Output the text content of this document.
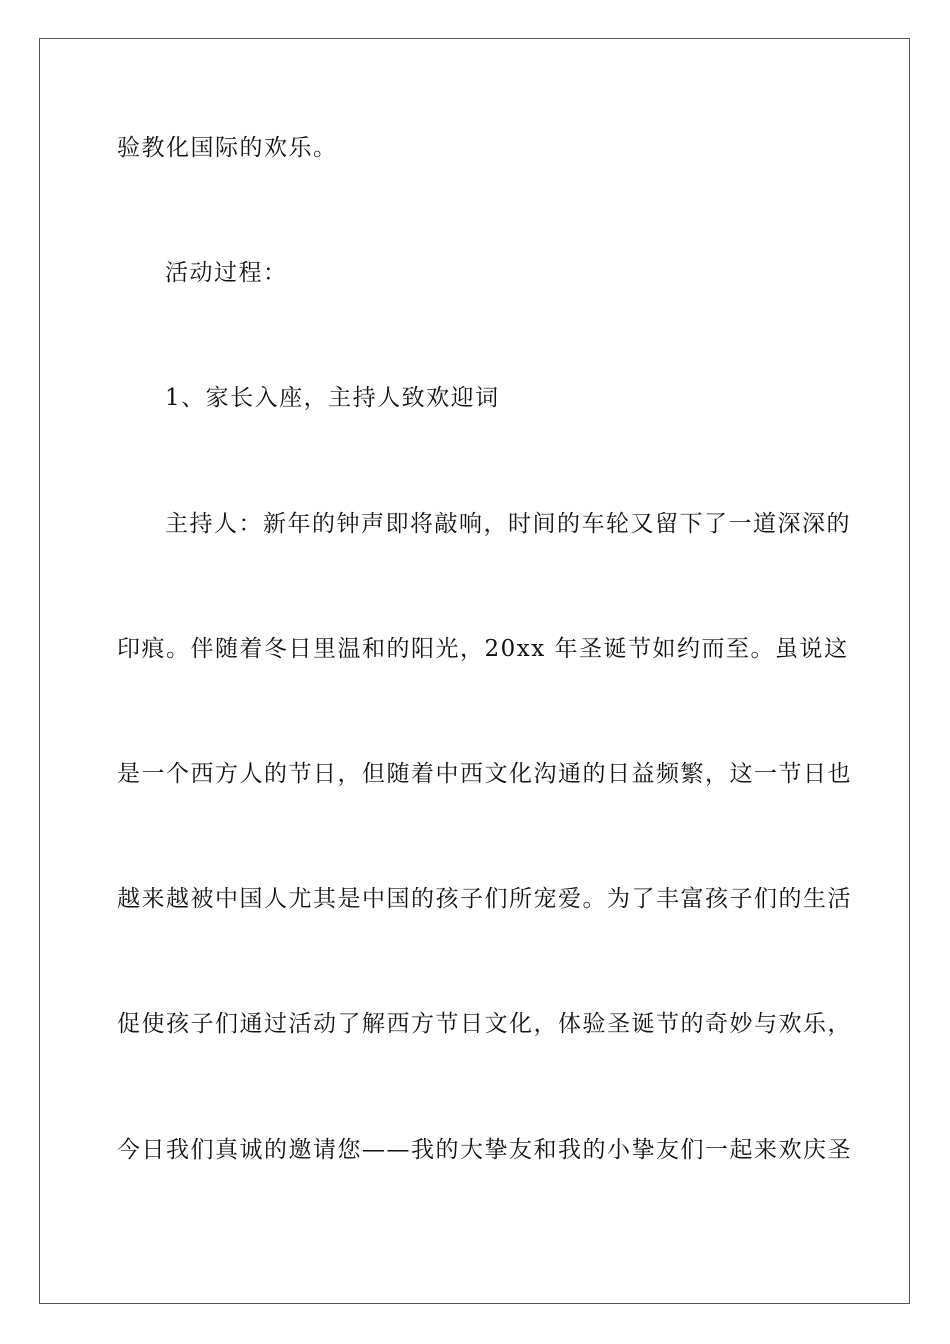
验教化国际的欢乐。
活动过程：
1、家长入座，主持人致欢迎词
主持人：新年的钟声即将敲响，时间的车轮又留下了一道深深的
印痕。伴随着冬日里温和的阳光，20xx 年圣诞节如约而至。虽说这
是一个西方人的节日，但随着中西文化沟通的日益频繁，这一节日也
越来越被中国人尤其是中国的孩子们所宠爱。为了丰富孩子们的生活
促使孩子们通过活动了解西方节日文化，体验圣诞节的奇妙与欢乐，
今日我们真诚的邀请您——我的大挚友和我的小挚友们一起来欢庆圣
